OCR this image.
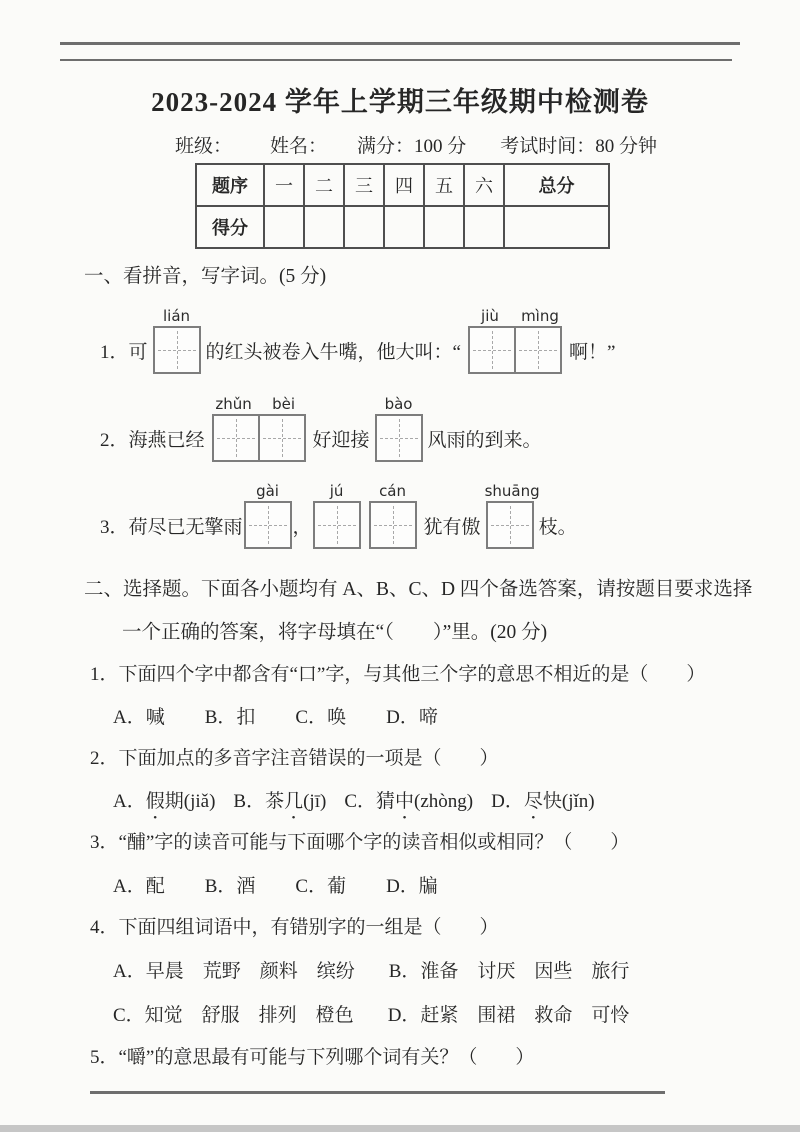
2023-2024 学年上学期三年级期中检测卷
班级： 姓名： 满分：100 分 考试时间：80 分钟
题序	一	二	三	四	五	六	总分
得分							
一、看拼音，写字词。(5 分)
1． 可
lián
的红头被卷入牛嘴，他大叫：“
jiù	mìng
啊！”
2． 海燕已经
zhǔn	bèi
好迎接
bào
风雨的到来。
3． 荷尽已无擎雨
gài
，
jú	cán
犹有傲
shuāng
枝。
二、选择题。下面各小题均有 A、B、C、D 四个备选答案，请按题目要求选择
一个正确的答案，将字母填在“（　　）”里。(20 分)
1．下面四个字中都含有“口”字，与其他三个字的意思不相近的是（　　）
A．喊 B．扣 C．唤 D．啼
2．下面加点的多音字注音错误的一项是（　　）
A．假期(jiǎ) B．茶几(jī) C．猜中(zhòng) D．尽快(jǐn)
3．“酺”字的读音可能与下面哪个字的读音相似或相同？（　　）
A．配 B．酒 C．葡 D．牑
4．下面四组词语中，有错别字的一组是（　　）
A．早晨　荒野　颜料　缤纷 B．淮备　讨厌　因些　旅行
C．知觉　舒服　排列　橙色 D．赶紧　围裙　救命　可怜
5．“嚼”的意思最有可能与下列哪个词有关？（　　）
